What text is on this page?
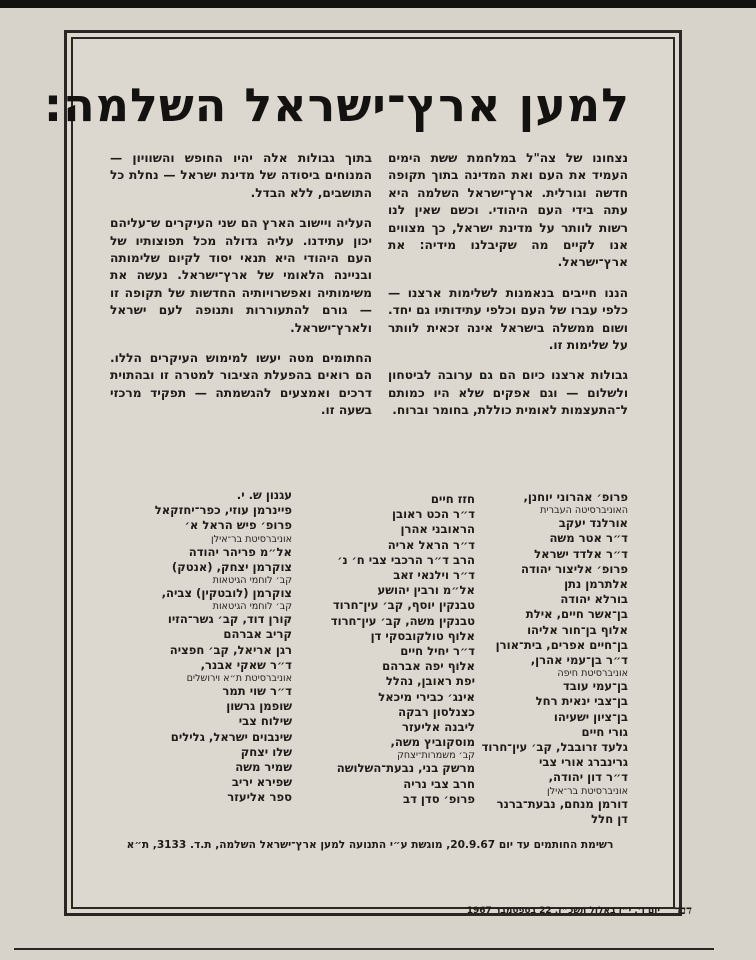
למען ארץ־ישראל השלמה:

נצחונו של צה"ל במלחמת ששת הימים העמיד את העם ואת המדינה בתוך תקופה חדשה וגורלית. ארץ־ישראל השלמה היא עתה בידי העם היהודי. וכשם שאין לנו רשות לוותר על מדינת ישראל, כך מצווים אנו לקיים מה שקיבלנו מידיה: את ארץ־ישראל.

הננו חייבים בנאמנות לשלימות ארצנו — כלפי עברו של העם וכלפי עתידותיו גם יחד. ושום ממשלה בישראל אינה זכאית לוותר על שלימות זו.

גבולות ארצנו כיום הם גם ערובה לביטחון ולשלום — וגם אפקים שלא היו כמותם ל־התעצמות לאומית כוללת, בחומר וברוח.

בתוך גבולות אלה יהיו החופש והשוויון — המנוחים ביסודה של מדינת ישראל — נחלת כל התושבים, ללא הבדל.

העליה ויישוב הארץ הם שני העיקרים ש־עליהם יכון עתידנו. עליה גדולה מכל תפוצותיו של העם היהודי היא תנאי יסוד לקיום שלימותה ובניינה הלאומי של ארץ־ישראל. נעשה את משימותיה ואפשרויותיה החדשות של תקופה זו — גורם להתעוררות ותנופה לעם ישראל ולארץ־ישראל.

החתומים מטה יעשו למימוש העיקרים הללו. הם רואים בהפעלת הציבור למטרה זו ובהתוית דרכים ואמצעים להגשמתה — תפקיד מרכזי בשעה זו.

פרופ׳ אהרוני יוחנן,
האוניברסיטה העברית
אורלנד יעקב
ד״ר אטר משה
ד״ר אלדד ישראל
פרופ׳ אליצור יהודה
אלתרמן נתן
בורלא יהודה
בן־אשר חיים, אילת
אלוף בן־חור אליהו
בן־חיים אפרים, בית־אורן
ד״ר בן־עמי אהרן,
אוניברסיטת חיפה
בן־עמי עובד
בן־צבי ינאית רחל
בן־ציון ישעיהו
גורי חיים
גלעד זרובבל, קב׳ עין־חרוד
גרינברג אורי צבי
ד״ר דון יהודה,
אוניברסיטת בר־אילן
דורמן מנחם, נבעת־ברנר
דן חלל
חזז חיים
ד״ר הכט ראובן
הראובני אהרן
ד״ר הראל אריה
הרב ד״ר הרכבי צבי ח׳ נ׳
ד״ר וילנאי זאב
אל״מ ורבין יהושע
טבנקין יוסף, קב׳ עין־חרוד
טבנקין משה, קב׳ עין־חרוד
אלוף טולקובסקי דן
ד״ר יחיל חיים
אלוף יפה אברהם
יפת ראובן, נהלל
אינג׳ כבירי מיכאל
כצנלסון רבקה
ליבנה אליעזר
מוסקוביץ משה,
קב׳ משמרות־יצחק
מרשק בני, נבעת־השלושה
חרב צבי נריה
פרופ׳ סדן דב
עגנון ש. י.
פיינרמן עוזי, כפר־יחזקאל
פרופ׳ פיש הראל א׳
אוניברסיטת בר־אילן
אל״מ פריהר יהודה
צוקרמן יצחק, (אנטק)
קב׳ לוחמי הגיטאות
צוקרמן (לובטקין) צביה,
קב׳ לוחמי הגיטאות
קורן דוד, קב׳ גשר־הזיו
קריב אברהם
רגן אריאל, קב׳ חפציה
ד״ר שאקי אבנר,
אוניברסיטת ת״א וירושלים
ד״ר שוי תמר
שופמן גרשון
שילוח צבי
שינבוים ישראל, גלילים
שלו יצחק
שמיר משה
שפירא יריב
ספר אליעזר
רשימת החותמים עד יום 20.9.67, מוגשת ע״י התנועה למען ארץ־ישראל השלמה, ת.ד. 3133, ת״א
יום ו׳, י״ז באלול תשכ״ז, 22 בספטמבר 1967	דבר
